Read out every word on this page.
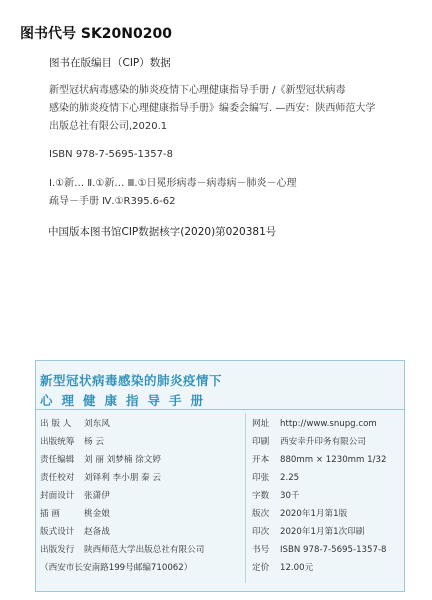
图书代号 SK20N0200
图书在版编目（CIP）数据
新型冠状病毒感染的肺炎疫情下心理健康指导手册 /《新型冠状病毒
感染的肺炎疫情下心理健康指导手册》编委会编写. —西安：陕西师范大学
出版总社有限公司,2020.1
ISBN 978-7-5695-1357-8
Ⅰ.①新… Ⅱ.①新… Ⅲ.①日冕形病毒－病毒病－肺炎－心理
疏导－手册 Ⅳ.①R395.6-62
中国版本图书馆CIP数据核字(2020)第020381号
新型冠状病毒感染的肺炎疫情下
心理健康指导手册
出 版 人 刘东风
出版统筹 杨 云
责任编辑 刘 丽 刘梦楠 徐文婷
责任校对 刘铎利 李小朋 秦 云
封面设计 张潇伊
插 画	桃金娘
版式设计 赵备战
出版发行 陕西师范大学出版总社有限公司
（西安市长安南路199号邮编710062）
网址 http://www.snupg.com
印刷 西安幸升印务有限公司
开本 880mm × 1230mm 1/32
印张 2.25
字数 30千
版次 2020年1月第1版
印次 2020年1月第1次印刷
书号 ISBN 978-7-5695-1357-8
定价 12.00元
